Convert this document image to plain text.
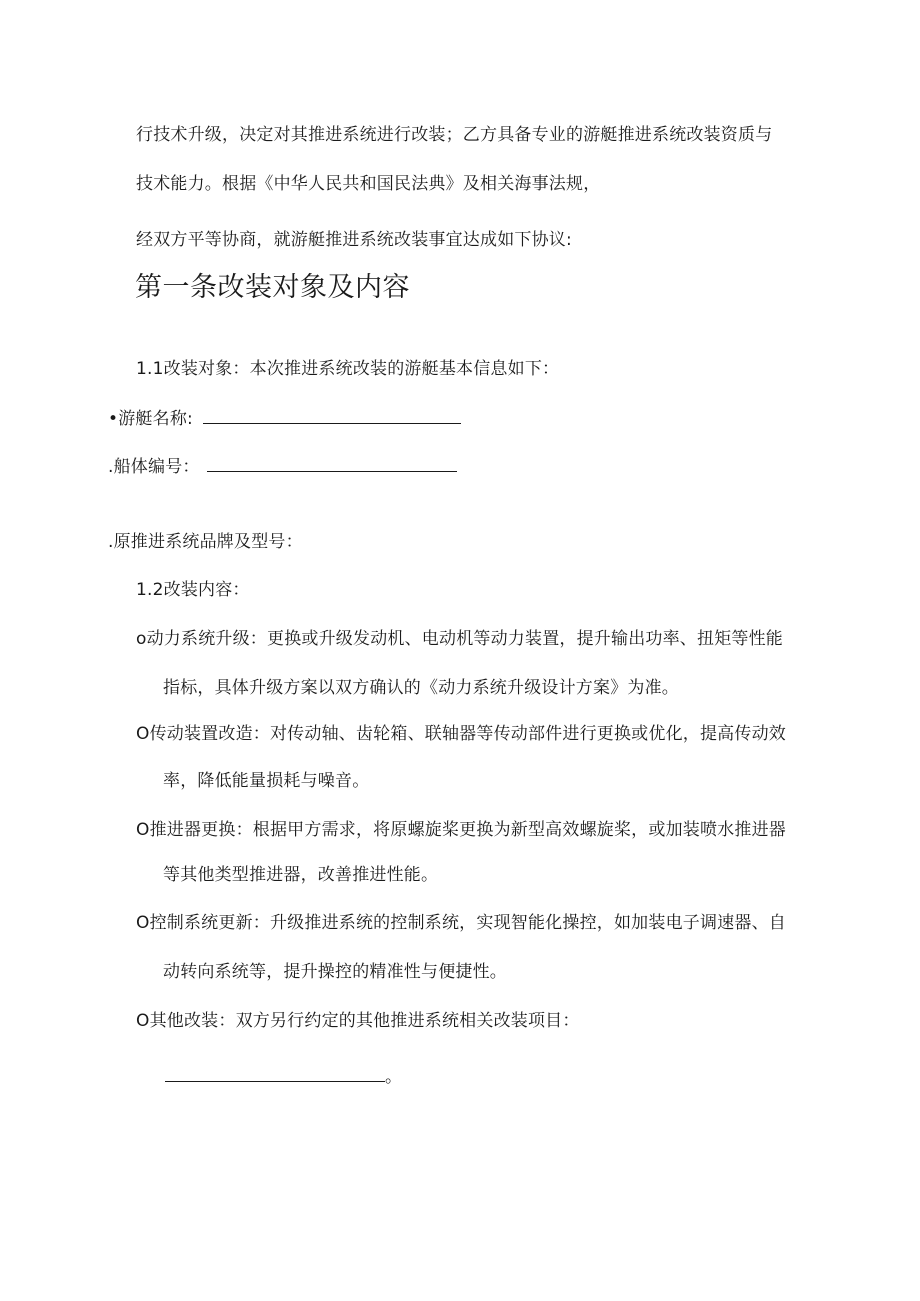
行技术升级，决定对其推进系统进行改装；乙方具备专业的游艇推进系统改装资质与
技术能力。根据《中华人民共和国民法典》及相关海事法规，
经双方平等协商，就游艇推进系统改装事宜达成如下协议:
第一条改装对象及内容
1.1改装对象：本次推进系统改装的游艇基本信息如下：
•游艇名称:
.船体编号：
.原推进系统品牌及型号：
1.2改装内容：
o动力系统升级：更换或升级发动机、电动机等动力装置，提升输出功率、扭矩等性能
指标，具体升级方案以双方确认的《动力系统升级设计方案》为准。
O传动装置改造：对传动轴、齿轮箱、联轴器等传动部件进行更换或优化，提高传动效
率，降低能量损耗与噪音。
O推进器更换：根据甲方需求，将原螺旋桨更换为新型高效螺旋桨，或加装喷水推进器
等其他类型推进器，改善推进性能。
O控制系统更新：升级推进系统的控制系统，实现智能化操控，如加装电子调速器、自
动转向系统等，提升操控的精准性与便捷性。
O其他改装：双方另行约定的其他推进系统相关改装项目：
。
